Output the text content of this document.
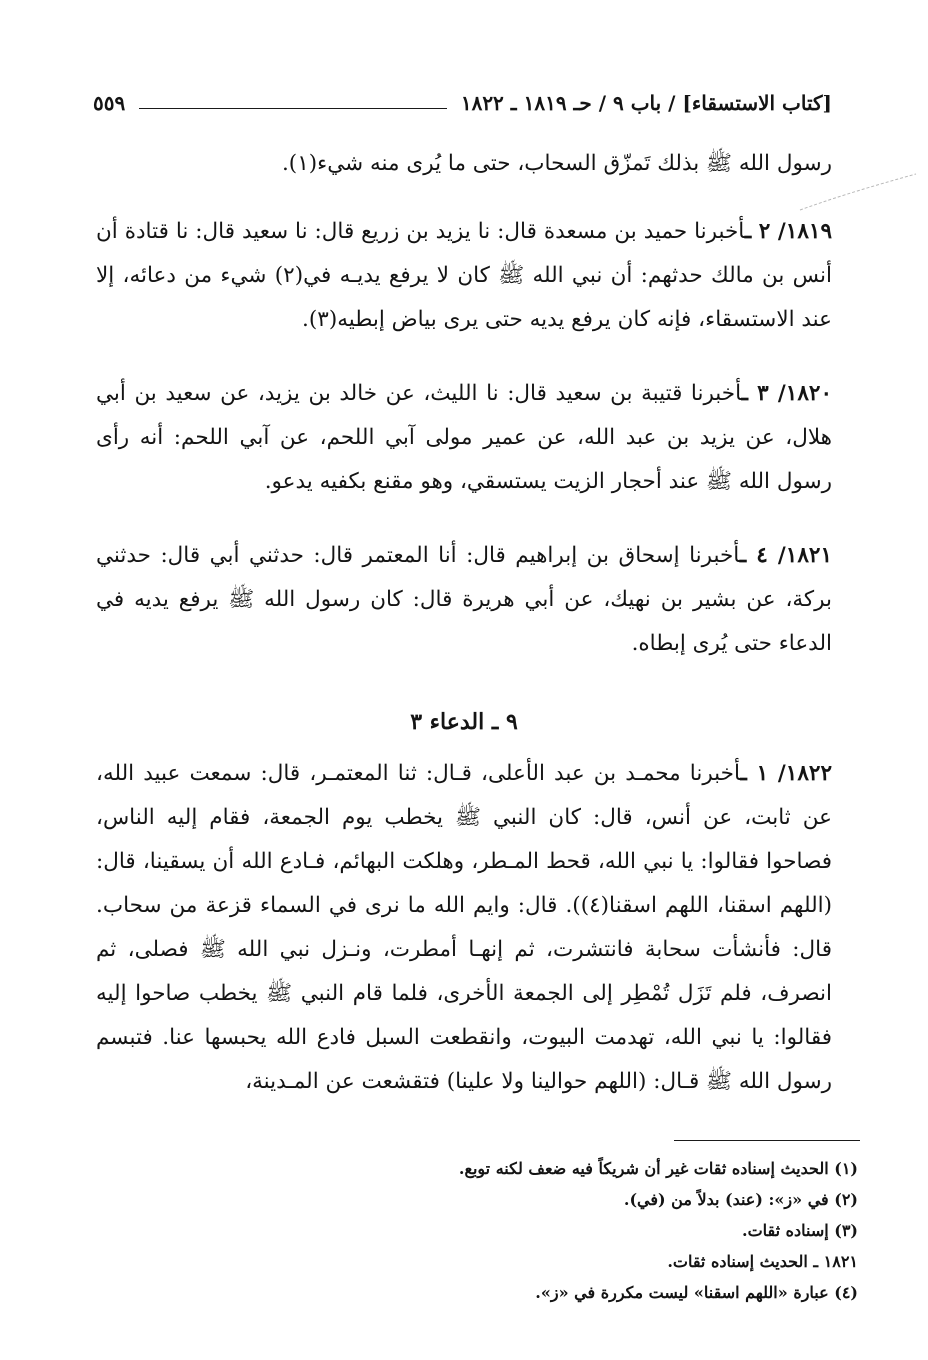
[كتاب الاستسقاء] / باب ٩ / حـ ١٨١٩ ـ ١٨٢٢
٥٥٩
رسول الله ﷺ بذلك تَمزّق السحاب، حتى ما يُرى منه شيء(١).
١٨١٩/ ٢ ـأخبرنا حميد بن مسعدة قال: نا يزيد بن زريع قال: نا سعيد قال: نا قتادة أن أنس بن مالك حدثهم: أن نبي الله ﷺ كان لا يرفع يديـه في(٢) شيء من دعائه، إلا عند الاستسقاء، فإنه كان يرفع يديه حتى يرى بياض إبطيه(٣).
١٨٢٠/ ٣ ـأخبرنا قتيبة بن سعيد قال: نا الليث، عن خالد بن يزيد، عن سعيد بن أبي هلال، عن يزيد بن عبد الله، عن عمير مولى آبي اللحم، عن آبي اللحم: أنه رأى رسول الله ﷺ عند أحجار الزيت يستسقي، وهو مقنع بكفيه يدعو.
١٨٢١/ ٤ ـأخبرنا إسحاق بن إبراهيم قال: أنا المعتمر قال: حدثني أبي قال: حدثني بركة، عن بشير بن نهيك، عن أبي هريرة قال: كان رسول الله ﷺ يرفع يديه في الدعاء حتى يُرى إبطاه.
٩ ـ الدعاء ٣
١٨٢٢/ ١ ـأخبرنا محمـد بن عبد الأعلى، قـال: ثنا المعتمـر، قال: سمعت عبيد الله، عن ثابت، عن أنس، قال: كان النبي ﷺ يخطب يوم الجمعة، فقام إليه الناس، فصاحوا فقالوا: يا نبي الله، قحط المـطر، وهلكت البهائم، فـادع الله أن يسقينا، قال: (اللهم اسقنا، اللهم اسقنا(٤)). قال: وايم الله ما نرى في السماء قزعة من سحاب. قال: فأنشأت سحابة فانتشرت، ثم إنهـا أمطرت، ونـزل نبي الله ﷺ فصلى، ثم انصرف، فلم تَزَل تُمْطِر إلى الجمعة الأخرى، فلما قام النبي ﷺ يخطب صاحوا إليه فقالوا: يا نبي الله، تهدمت البيوت، وانقطعت السبل فادع الله يحبسها عنا. فتبسم رسول الله ﷺ قـال: (اللهم حوالينا ولا علينا) فتقشعت عن المـدينة،
(١) الحديث إسناده ثقات غير أن شريكاً فيه ضعف لكنه توبع.
(٢) في «ز»: (عند) بدلاً من (في).
(٣) إسناده ثقات.
١٨٢١ ـ الحديث إسناده ثقات.
(٤) عبارة «اللهم اسقنا» ليست مكررة في «ز».
